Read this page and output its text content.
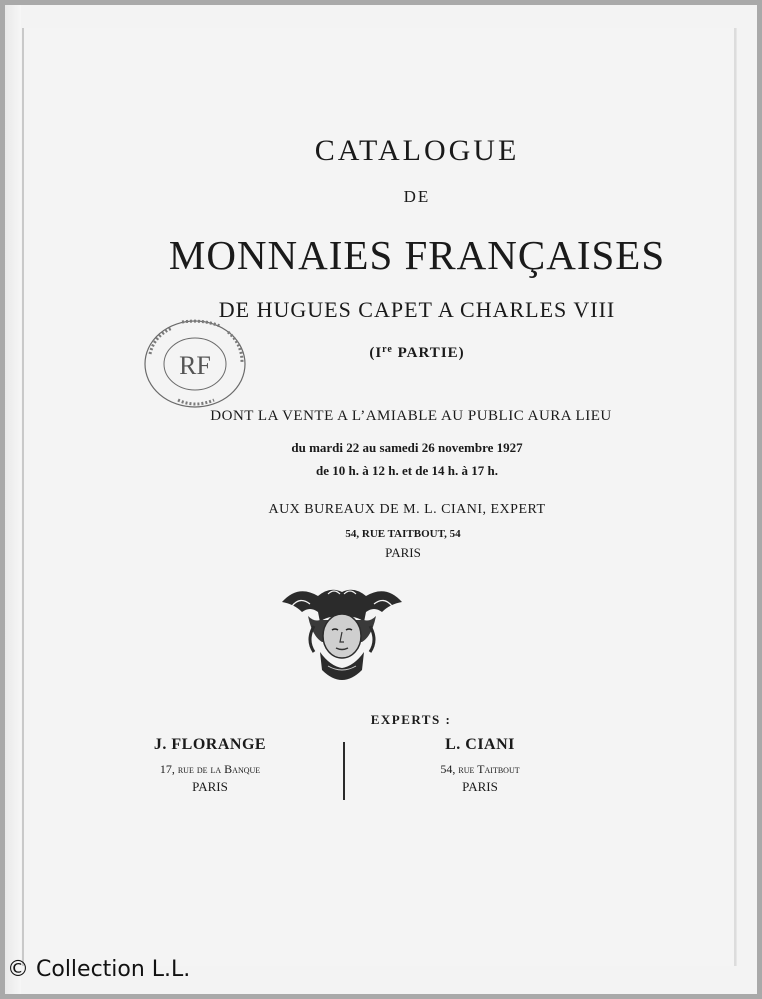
CATALOGUE
DE
MONNAIES FRANÇAISES
DE HUGUES CAPET A CHARLES VIII
(Ire PARTIE)
RF
DONT LA VENTE A L’AMIABLE AU PUBLIC AURA LIEU
du mardi 22 au samedi 26 novembre 1927
de 10 h. à 12 h. et de 14 h. à 17 h.
AUX BUREAUX DE M. L. CIANI, EXPERT
54, RUE TAITBOUT, 54
PARIS
EXPERTS :
J. FLORANGE
17, rue de la Banque
PARIS
L. CIANI
54, rue Taitbout
PARIS
© Collection L.L.
